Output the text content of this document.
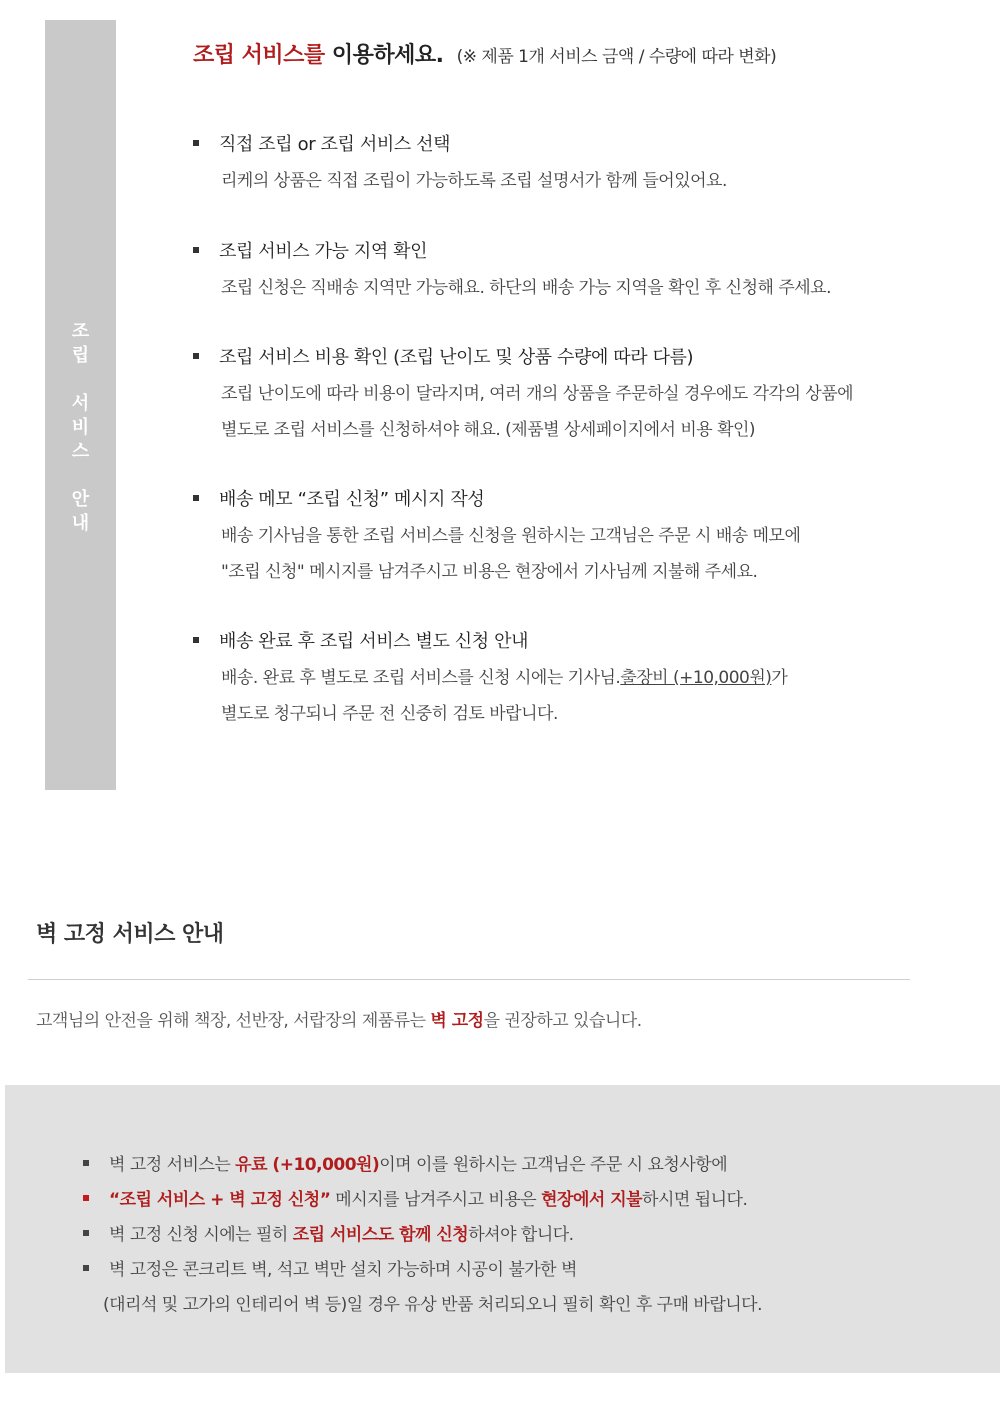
조
립
서
비
스
안
내
조립 서비스를 이용하세요. (※ 제품 1개 서비스 금액 / 수량에 따라 변화)
직접 조립 or 조립 서비스 선택
리케의 상품은 직접 조립이 가능하도록 조립 설명서가 함께 들어있어요.
조립 서비스 가능 지역 확인
조립 신청은 직배송 지역만 가능해요. 하단의 배송 가능 지역을 확인 후 신청해 주세요.
조립 서비스 비용 확인 (조립 난이도 및 상품 수량에 따라 다름)
조립 난이도에 따라 비용이 달라지며, 여러 개의 상품을 주문하실 경우에도 각각의 상품에
별도로 조립 서비스를 신청하셔야 해요. (제품별 상세페이지에서 비용 확인)
배송 메모 “조립 신청” 메시지 작성
배송 기사님을 통한 조립 서비스를 신청을 원하시는 고객님은 주문 시 배송 메모에
"조립 신청" 메시지를 남겨주시고 비용은 현장에서 기사님께 지불해 주세요.
배송 완료 후 조립 서비스 별도 신청 안내
배송. 완료 후 별도로 조립 서비스를 신청 시에는 기사님.출장비 (+10,000원)가
별도로 청구되니 주문 전 신중히 검토 바랍니다.
벽 고정 서비스 안내
고객님의 안전을 위해 책장, 선반장, 서랍장의 제품류는 벽 고정을 권장하고 있습니다.
벽 고정 서비스는 유료 (+10,000원)이며 이를 원하시는 고객님은 주문 시 요청사항에
“조립 서비스 + 벽 고정 신청” 메시지를 남겨주시고 비용은 현장에서 지불하시면 됩니다.
벽 고정 신청 시에는 필히 조립 서비스도 함께 신청하셔야 합니다.
벽 고정은 콘크리트 벽, 석고 벽만 설치 가능하며 시공이 불가한 벽
(대리석 및 고가의 인테리어 벽 등)일 경우 유상 반품 처리되오니 필히 확인 후 구매 바랍니다.
